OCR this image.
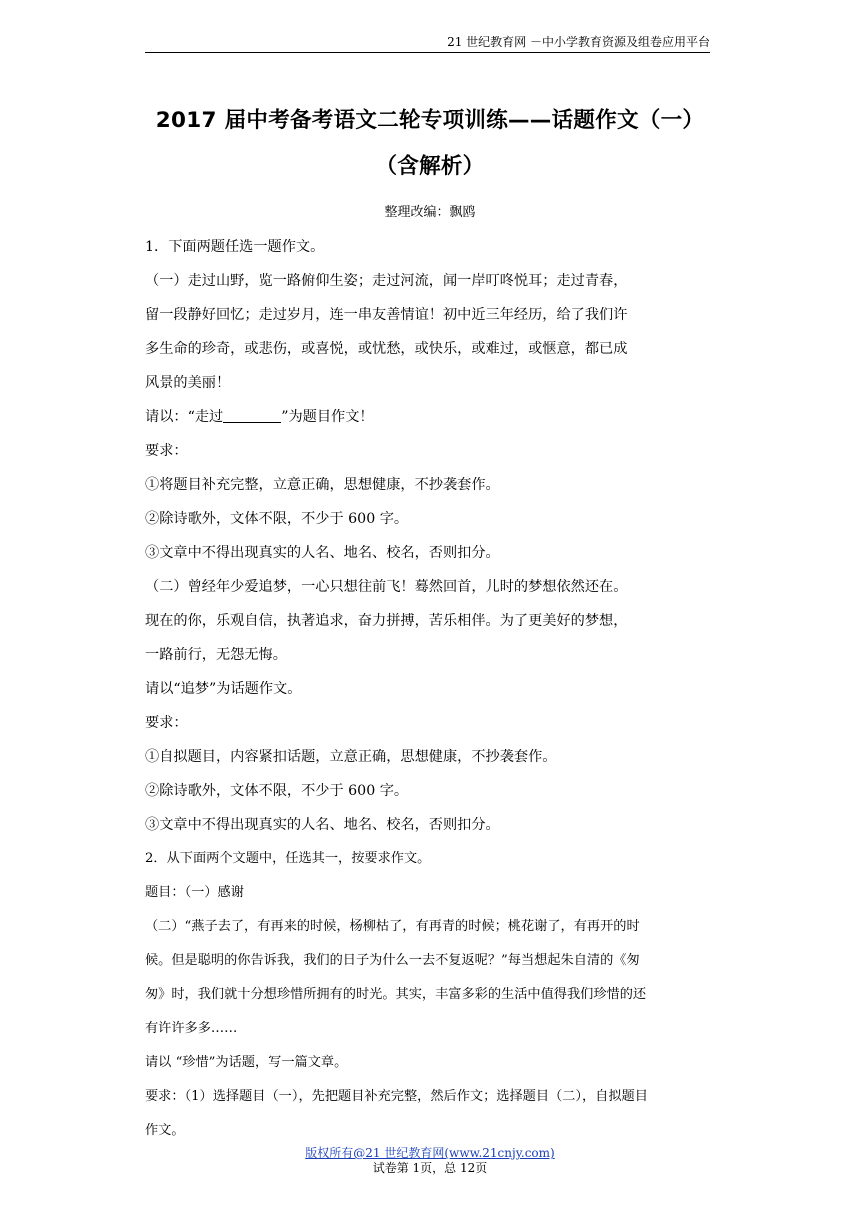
21 世纪教育网 －中小学教育资源及组卷应用平台
2017 届中考备考语文二轮专项训练——话题作文（一）
（含解析）
整理改编：飘鸥

1．下面两题任选一题作文。

（一）走过山野，览一路俯仰生姿；走过河流，闻一岸叮咚悦耳；走过青春，

留一段静好回忆；走过岁月，连一串友善情谊！初中近三年经历，给了我们许

多生命的珍奇，或悲伤，或喜悦，或忧愁，或快乐，或难过，或惬意，都已成

风景的美丽！

请以：“走过	”为题目作文！

要求：

①将题目补充完整，立意正确，思想健康，不抄袭套作。

②除诗歌外，文体不限，不少于 600 字。

③文章中不得出现真实的人名、地名、校名，否则扣分。

（二）曾经年少爱追梦，一心只想往前飞！蓦然回首，儿时的梦想依然还在。

现在的你，乐观自信，执著追求，奋力拼搏，苦乐相伴。为了更美好的梦想，

一路前行，无怨无悔。

请以“追梦”为话题作文。

要求：

①自拟题目，内容紧扣话题，立意正确，思想健康，不抄袭套作。

②除诗歌外，文体不限，不少于 600 字。

③文章中不得出现真实的人名、地名、校名，否则扣分。

2．从下面两个文题中，任选其一，按要求作文。

题目：（一）感谢

（二）“燕子去了，有再来的时候，杨柳枯了，有再青的时候；桃花谢了，有再开的时

候。但是聪明的你告诉我，我们的日子为什么一去不复返呢？”每当想起朱自清的《匆

匆》时，我们就十分想珍惜所拥有的时光。其实，丰富多彩的生活中值得我们珍惜的还

有许许多多……

请以 “珍惜”为话题，写一篇文章。

要求：（1）选择题目（一），先把题目补充完整，然后作文；选择题目（二），自拟题目

作文。

版权所有@21 世纪教育网(www.21cnjy.com)
试卷第 1页，总 12页
